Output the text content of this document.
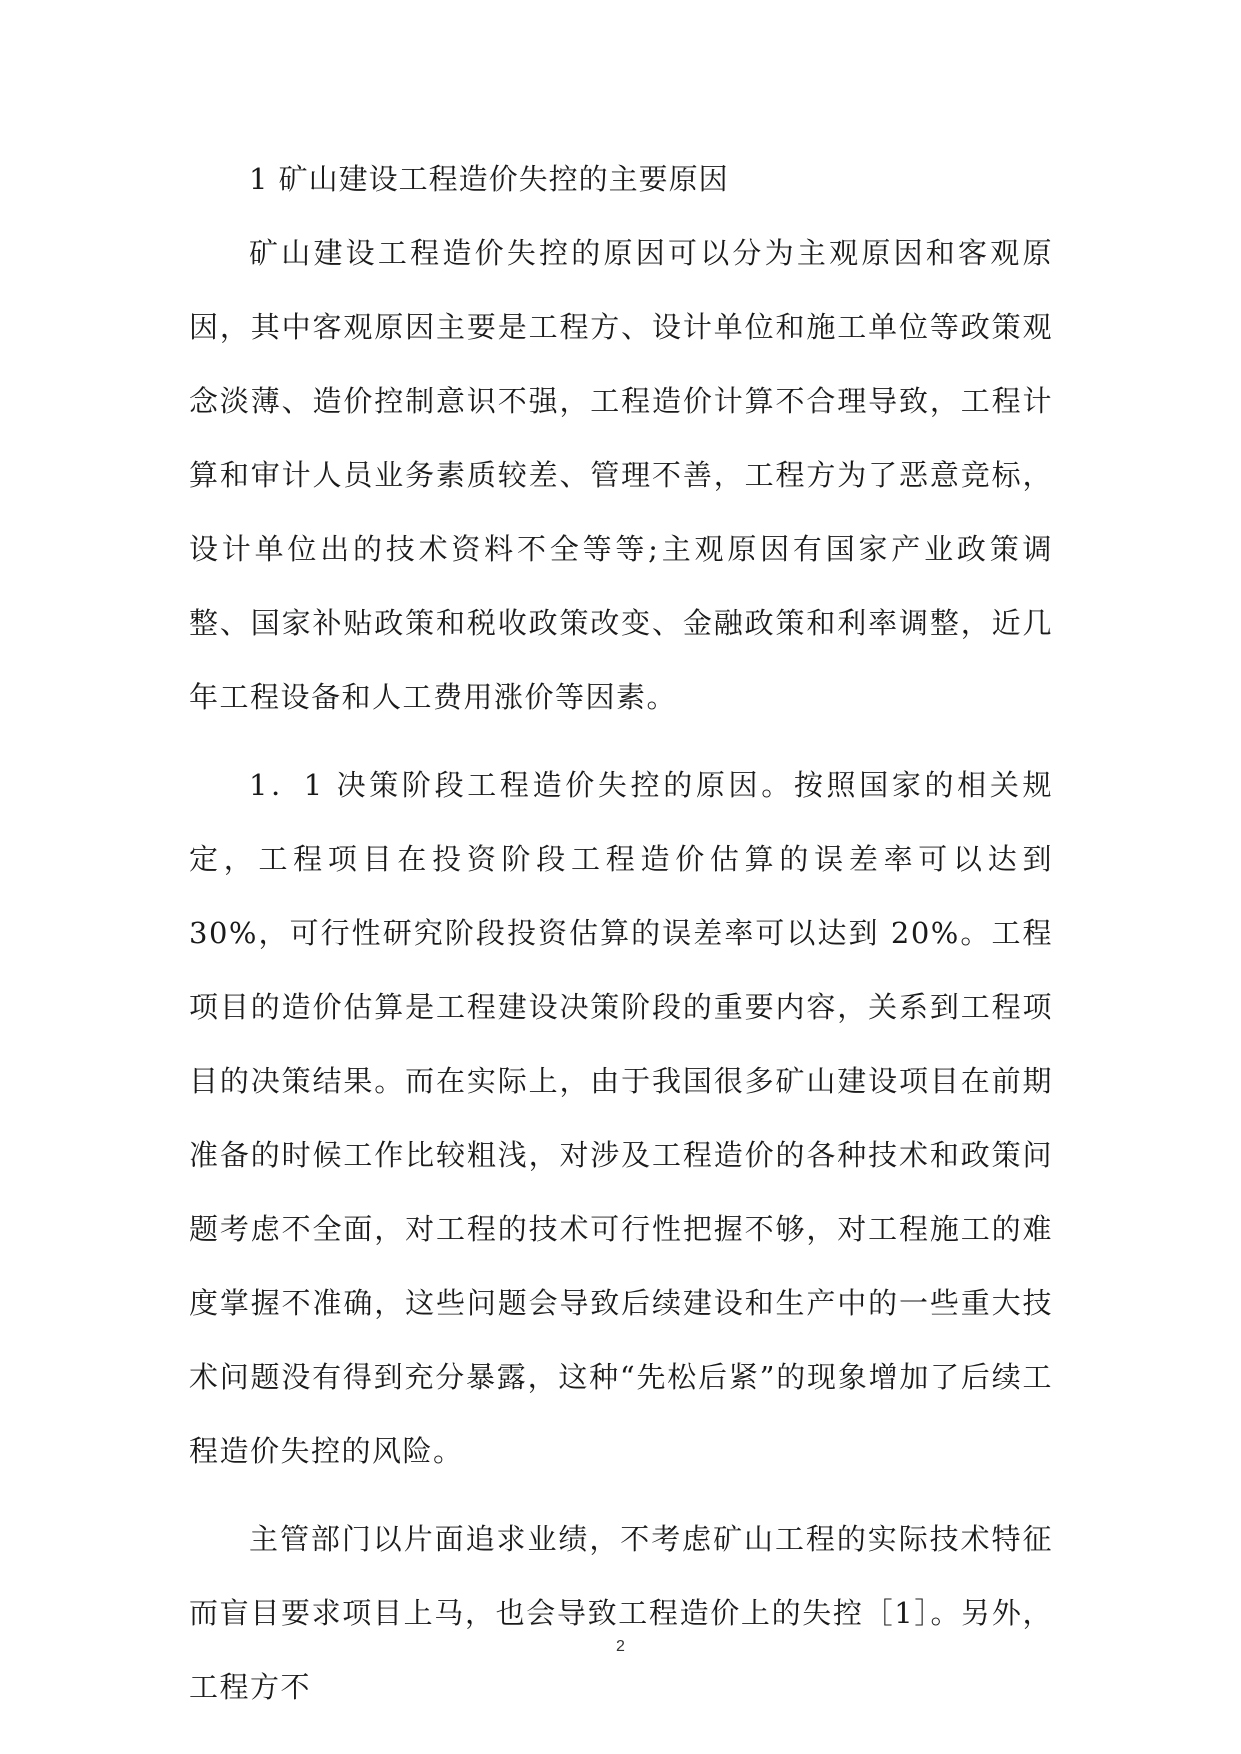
1 矿山建设工程造价失控的主要原因

矿山建设工程造价失控的原因可以分为主观原因和客观原因，其中客观原因主要是工程方、设计单位和施工单位等政策观念淡薄、造价控制意识不强，工程造价计算不合理导致，工程计算和审计人员业务素质较差、管理不善，工程方为了恶意竞标，设计单位出的技术资料不全等等;主观原因有国家产业政策调整、国家补贴政策和税收政策改变、金融政策和利率调整，近几年工程设备和人工费用涨价等因素。

1．1 决策阶段工程造价失控的原因。按照国家的相关规定，工程项目在投资阶段工程造价估算的误差率可以达到 30%，可行性研究阶段投资估算的误差率可以达到 20%。工程项目的造价估算是工程建设决策阶段的重要内容，关系到工程项目的决策结果。而在实际上，由于我国很多矿山建设项目在前期准备的时候工作比较粗浅，对涉及工程造价的各种技术和政策问题考虑不全面，对工程的技术可行性把握不够，对工程施工的难度掌握不准确，这些问题会导致后续建设和生产中的一些重大技术问题没有得到充分暴露，这种“先松后紧”的现象增加了后续工程造价失控的风险。

主管部门以片面追求业绩，不考虑矿山工程的实际技术特征而盲目要求项目上马，也会导致工程造价上的失控［1］。另外，工程方不

2
